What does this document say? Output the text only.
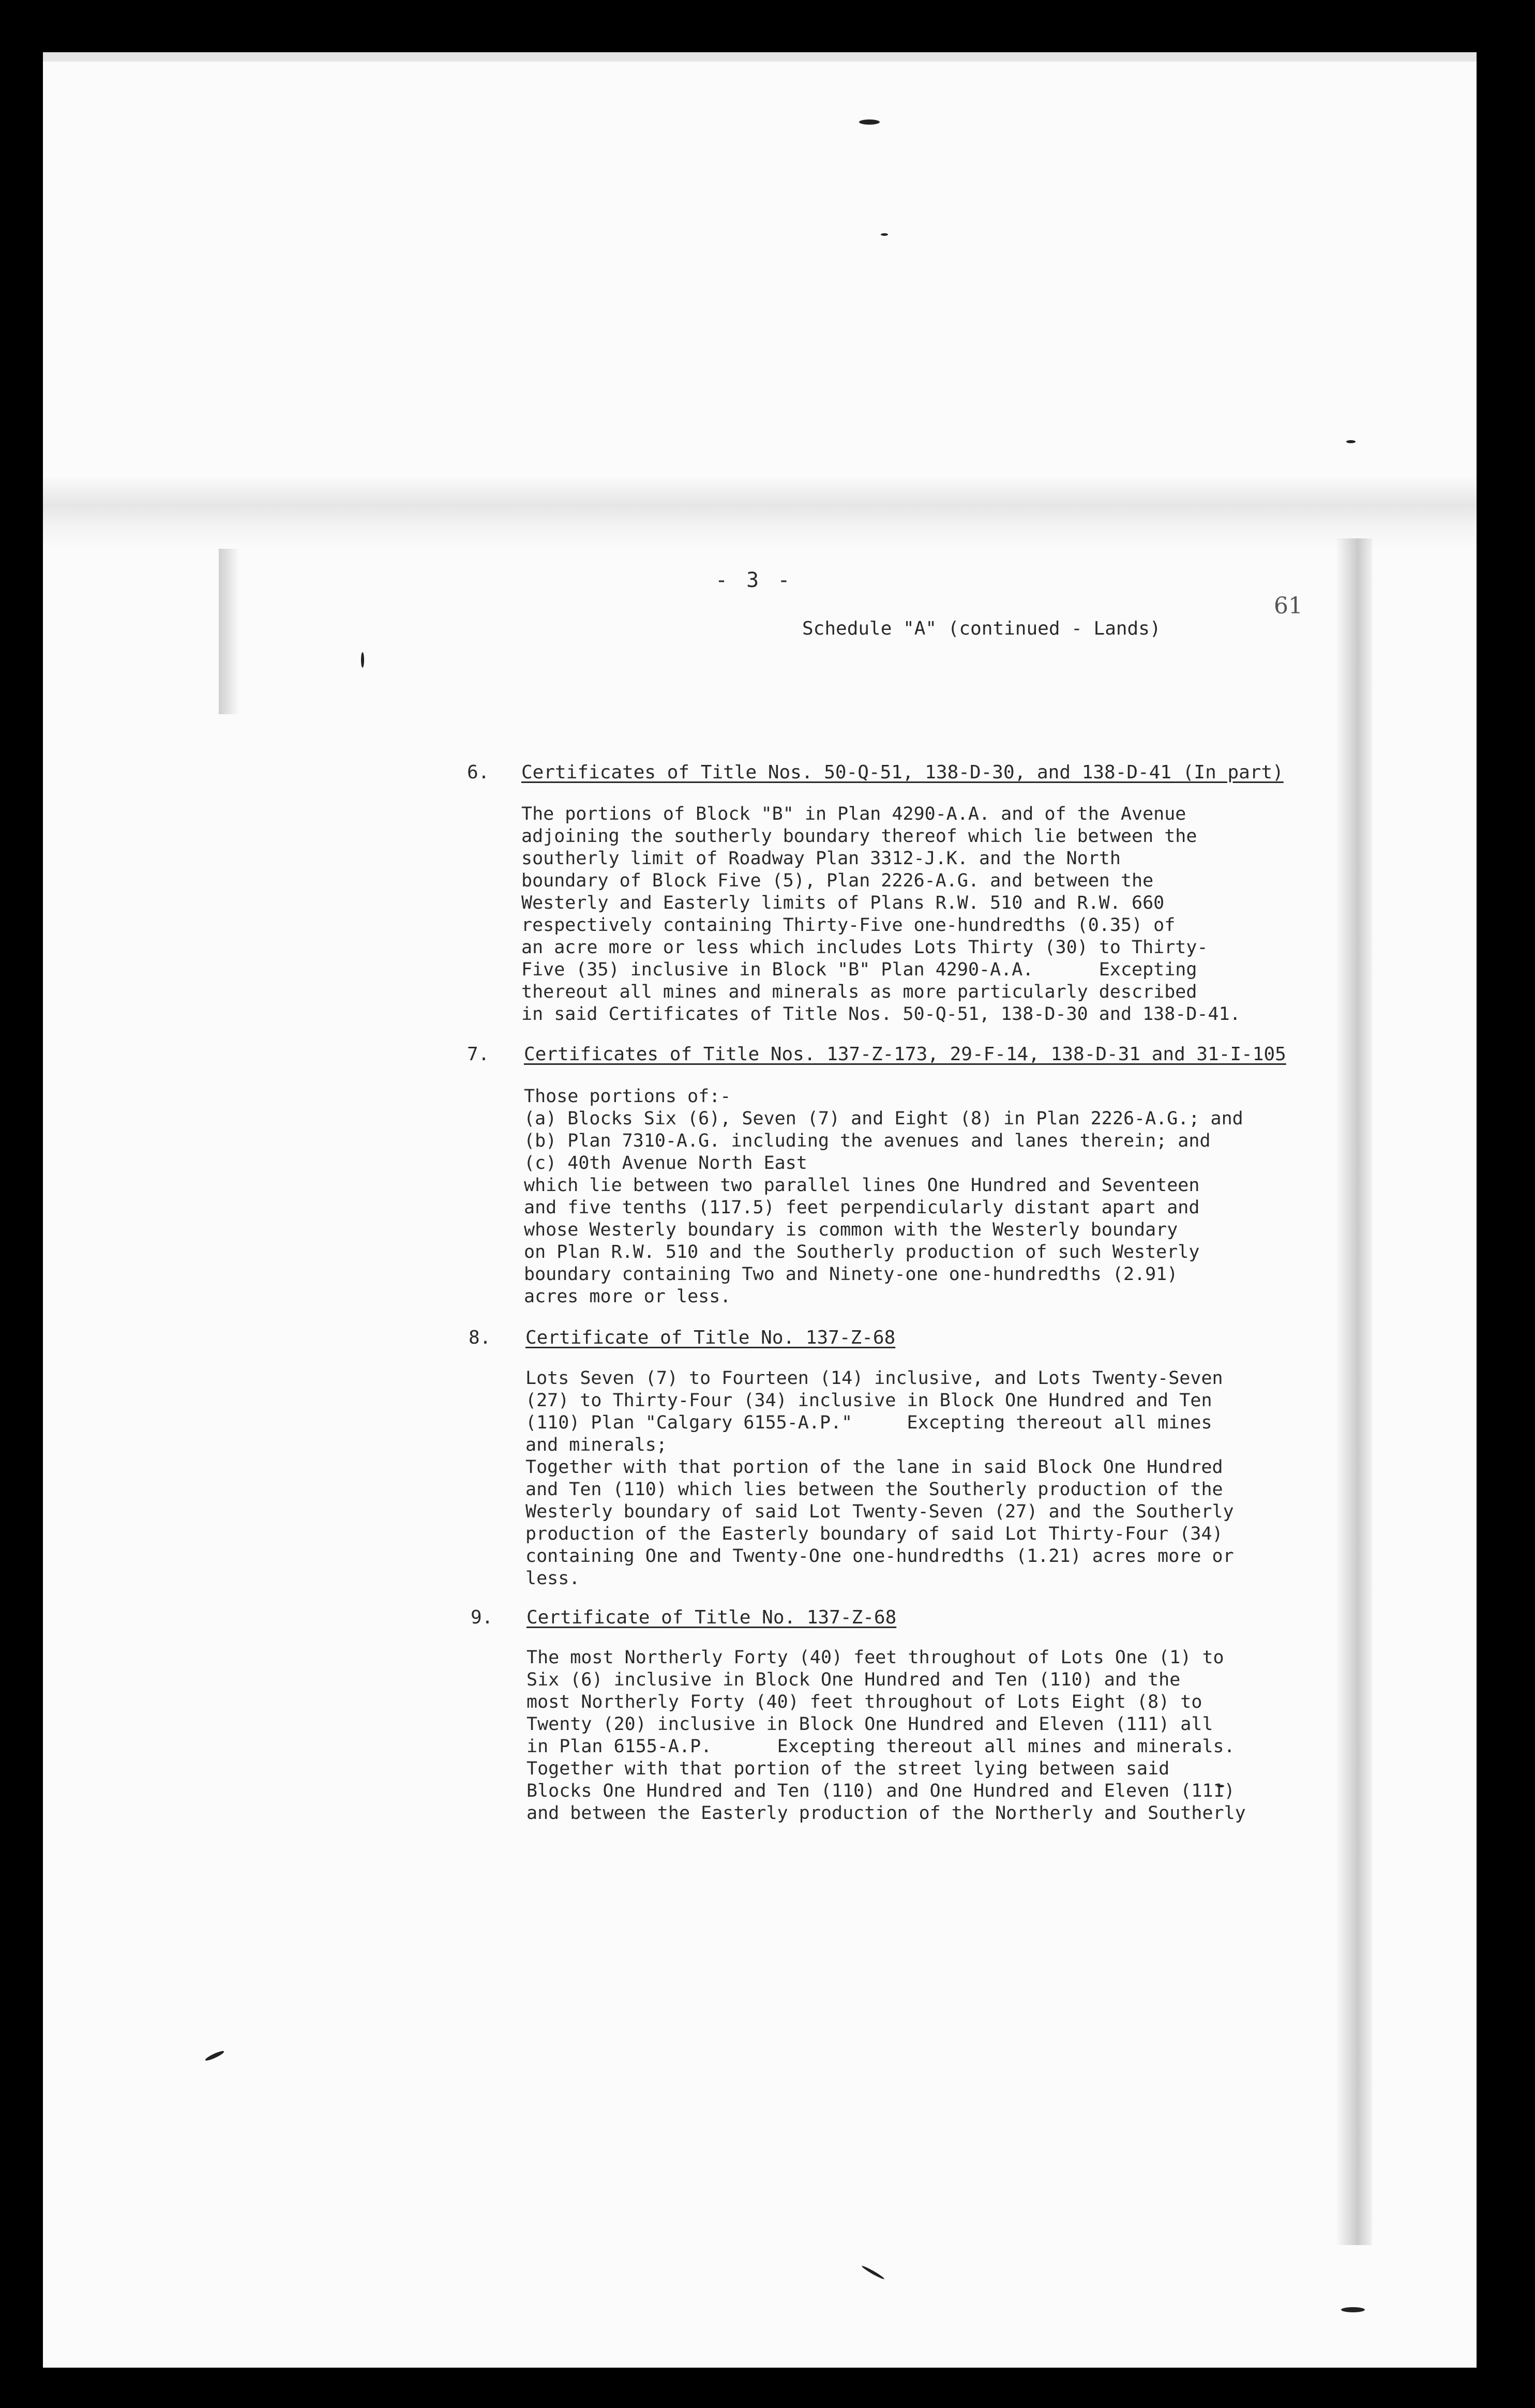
- 3 -
61
Schedule "A" (continued - Lands)
6. Certificates of Title Nos. 50-Q-51, 138-D-30, and 138-D-41 (In part)
The portions of Block "B" in Plan 4290-A.A. and of the Avenue
adjoining the southerly boundary thereof which lie between the
southerly limit of Roadway Plan 3312-J.K. and the North
boundary of Block Five (5), Plan 2226-A.G. and between the
Westerly and Easterly limits of Plans R.W. 510 and R.W. 660
respectively containing Thirty-Five one-hundredths (0.35) of
an acre more or less which includes Lots Thirty (30) to Thirty-
Five (35) inclusive in Block "B" Plan 4290-A.A.      Excepting
thereout all mines and minerals as more particularly described
in said Certificates of Title Nos. 50-Q-51, 138-D-30 and 138-D-41.
7. Certificates of Title Nos. 137-Z-173, 29-F-14, 138-D-31 and 31-I-105
Those portions of:-
(a) Blocks Six (6), Seven (7) and Eight (8) in Plan 2226-A.G.; and
(b) Plan 7310-A.G. including the avenues and lanes therein; and
(c) 40th Avenue North East
which lie between two parallel lines One Hundred and Seventeen
and five tenths (117.5) feet perpendicularly distant apart and
whose Westerly boundary is common with the Westerly boundary
on Plan R.W. 510 and the Southerly production of such Westerly
boundary containing Two and Ninety-one one-hundredths (2.91)
acres more or less.
8. Certificate of Title No. 137-Z-68
Lots Seven (7) to Fourteen (14) inclusive, and Lots Twenty-Seven
(27) to Thirty-Four (34) inclusive in Block One Hundred and Ten
(110) Plan "Calgary 6155-A.P."     Excepting thereout all mines
and minerals;
Together with that portion of the lane in said Block One Hundred
and Ten (110) which lies between the Southerly production of the
Westerly boundary of said Lot Twenty-Seven (27) and the Southerly
production of the Easterly boundary of said Lot Thirty-Four (34)
containing One and Twenty-One one-hundredths (1.21) acres more or
less.
9. Certificate of Title No. 137-Z-68
The most Northerly Forty (40) feet throughout of Lots One (1) to
Six (6) inclusive in Block One Hundred and Ten (110) and the
most Northerly Forty (40) feet throughout of Lots Eight (8) to
Twenty (20) inclusive in Block One Hundred and Eleven (111) all
in Plan 6155-A.P.      Excepting thereout all mines and minerals.
Together with that portion of the street lying between said
Blocks One Hundred and Ten (110) and One Hundred and Eleven (111)
and between the Easterly production of the Northerly and Southerly
